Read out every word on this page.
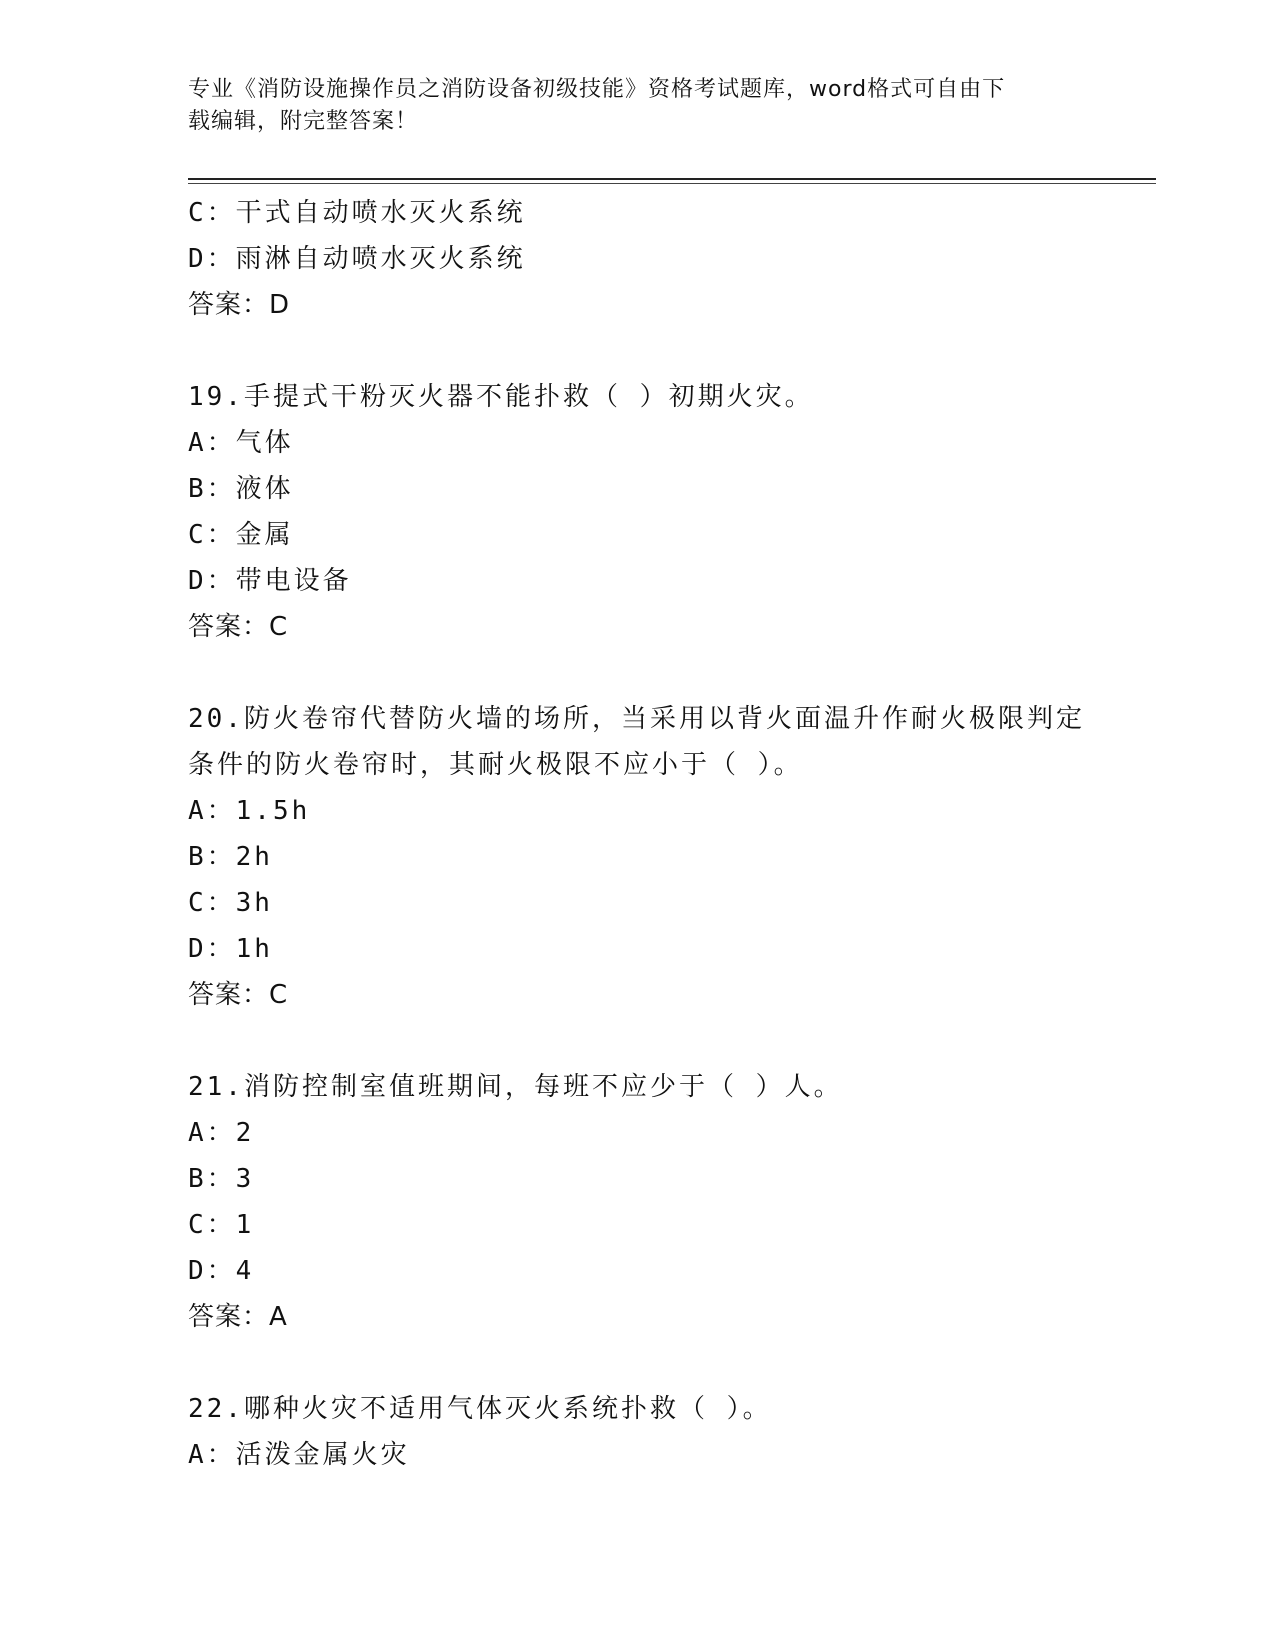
专业《消防设施操作员之消防设备初级技能》资格考试题库，word格式可自由下
载编辑，附完整答案！
C：干式自动喷水灭火系统
D：雨淋自动喷水灭火系统
答案：D
19.手提式干粉灭火器不能扑救（ ）初期火灾。
A：气体
B：液体
C：金属
D：带电设备
答案：C
20.防火卷帘代替防火墙的场所，当采用以背火面温升作耐火极限判定
条件的防火卷帘时，其耐火极限不应小于（ ）。
A：1.5h
B：2h
C：3h
D：1h
答案：C
21.消防控制室值班期间，每班不应少于（ ）人。
A：2
B：3
C：1
D：4
答案：A
22.哪种火灾不适用气体灭火系统扑救（ ）。
A：活泼金属火灾
